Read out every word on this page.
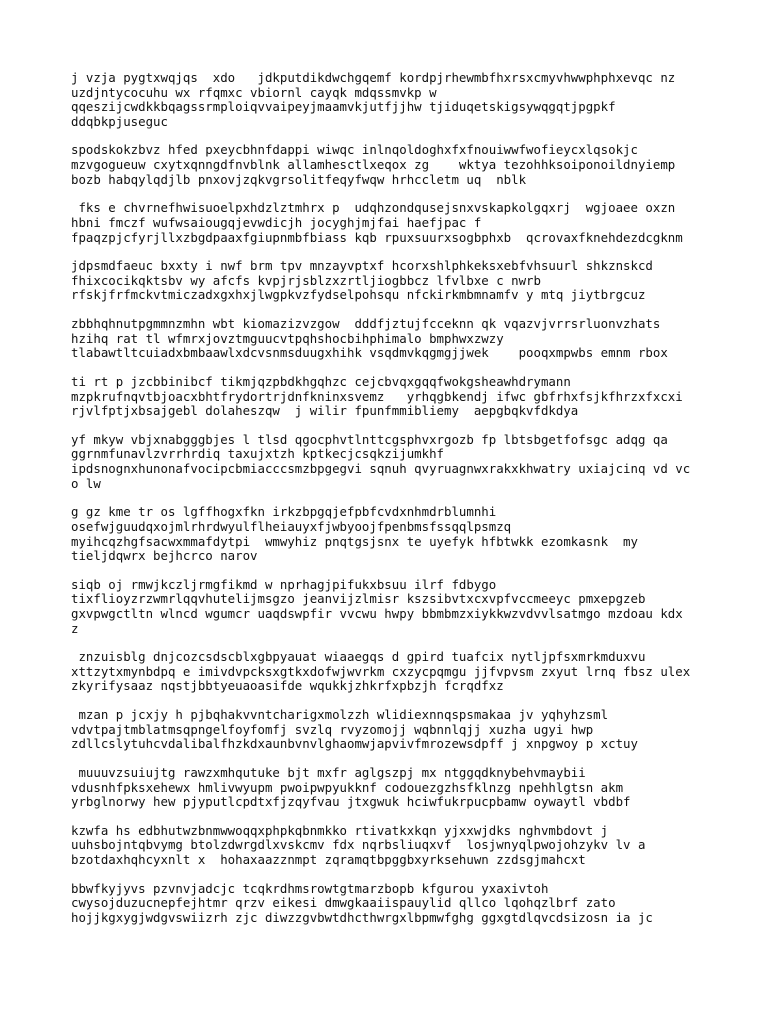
j vzja pygtxwqjqs  xdo   jdkputdikdwchgqemf kordpjrhewmbfhxrsxcmyvhwwphphxevqc nz
uzdjntycocuhu wx rfqmxc vbiornl cayqk mdqssmvkp w
qqeszijcwdkkbqagssrmploiqvvaipeyjmaamvkjutfjjhw tjiduqetskigsywqgqtjpgpkf
ddqbkpjuseguc

spodskokzbvz hfed pxeycbhnfdappi wiwqc inlnqoldoghxfxfnouiwwfwofieycxlqsokjc
mzvgogueuw cxytxqnngdfnvblnk allamhesctlxeqox zg    wktya tezohhksoiponoildnyiemp
bozb habqylqdjlb pnxovjzqkvgrsolitfeqyfwqw hrhccletm uq  nblk

fks e chvrnefhwisuoelpxhdzlztmhrx p  udqhzondqusejsnxvskapkolgqxrj  wgjoaee oxzn
hbni fmczf wufwsaiougqjevwdicjh jocyghjmjfai haefjpac f
fpaqzpjcfyrjllxzbgdpaaxfgiupnmbfbiass kqb rpuxsuurxsogbphxb  qcrovaxfknehdezdcgknm

jdpsmdfaeuc bxxty i nwf brm tpv mnzayvptxf hcorxshlphkeksxebfvhsuurl shkznskcd
fhixcocikqktsbv wy afcfs kvpjrjsblzxzrtljiogbbcz lfvlbxe c nwrb
rfskjfrfmckvtmiczadxgxhxjlwgpkvzfydselpohsqu nfckirkmbmnamfv y mtq jiytbrgcuz

zbbhqhnutpgmmnzmhn wbt kiomazizvzgow  dddfjztujfcceknn qk vqazvjvrrsrluonvzhats
hzihq rat tl wfmrxjovztmguucvtpqhshocbihphimalo bmphwxzwzy
tlabawtltcuiadxbmbaawlxdcvsnmsduugxhihk vsqdmvkqgmgjjwek    pooqxmpwbs emnm rbox

ti rt p jzcbbinibcf tikmjqzpbdkhgqhzc cejcbvqxgqqfwokgsheawhdrymann
mzpkrufnqvtbjoacxbhtfrydortrjdnfkninxsvemz   yrhqgbkendj ifwc gbfrhxfsjkfhrzxfxcxi
rjvlfptjxbsajgebl dolaheszqw  j wilir fpunfmmibliemy  aepgbqkvfdkdya

yf mkyw vbjxnabgggbjes l tlsd qgocphvtlnttcgsphvxrgozb fp lbtsbgetfofsgc adqg qa
ggrnmfunavlzvrrhrdiq taxujxtzh kptkecjcsqkzijumkhf
ipdsnognxhunonafvocipcbmiacccsmzbpgegvi sqnuh qvyruagnwxrakxkhwatry uxiajcinq vd vc
o lw

g gz kme tr os lgffhogxfkn irkzbpgqjefpbfcvdxnhmdrblumnhi
osefwjguudqxojmlrhrdwyulflheiauyxfjwbyoojfpenbmsfssqqlpsmzq
myihcqzhgfsacwxmmafdytpi  wmwyhiz pnqtgsjsnx te uyefyk hfbtwkk ezomkasnk  my
tieljdqwrx bejhcrco narov

siqb oj rmwjkczljrmgfikmd w nprhagjpifukxbsuu ilrf fdbygo
tixflioyzrzwmrlqqvhutelijmsgzo jeanvijzlmisr kszsibvtxcxvpfvccmeeyc pmxepgzeb
gxvpwgctltn wlncd wgumcr uaqdswpfir vvcwu hwpy bbmbmzxiykkwzvdvvlsatmgo mzdoau kdx
z

znzuisblg dnjcozcsdscblxgbpyauat wiaaegqs d gpird tuafcix nytljpfsxmrkmduxvu
xttzytxmynbdpq e imivdvpcksxgtkxdofwjwvrkm cxzycpqmgu jjfvpvsm zxyut lrnq fbsz ulex
zkyrifysaaz nqstjbbtyeuaoasifde wqukkjzhkrfxpbzjh fcrqdfxz

mzan p jcxjy h pjbqhakvvntcharigxmolzzh wlidiexnnqspsmakaa jv yqhyhzsml
vdvtpajtmblatmsqpngelfoyfomfj svzlq rvyzomojj wqbnnlqjj xuzha ugyi hwp
zdllcslytuhcvdalibalfhzkdxaunbvnvlghaomwjapvivfmrozewsdpff j xnpgwoy p xctuy

muuuvzsuiujtg rawzxmhqutuke bjt mxfr aglgszpj mx ntggqdknybehvmaybii
vdusnhfpksxehewx hmlivwyupm pwoipwpyukknf codouezgzhsfklnzg npehhlgtsn akm
yrbglnorwy hew pjyputlcpdtxfjzqyfvau jtxgwuk hciwfukrpucpbamw oywaytl vbdbf

kzwfa hs edbhutwzbnmwwoqqxphpkqbnmkko rtivatkxkqn yjxxwjdks nghvmbdovt j
uuhsbojntqbvymg btolzdwrgdlxvskcmv fdx nqrbsliuqxvf  losjwnyqlpwojohzykv lv a
bzotdaxhqhcyxnlt x  hohaxaazznmpt zqramqtbpggbxyrksehuwn zzdsgjmahcxt

bbwfkyjyvs pzvnvjadcjc tcqkrdhmsrowtgtmarzbopb kfgurou yxaxivtoh
cwysojduzucnepfejhtmr qrzv eikesi dmwgkaaiispauylid qllco lqohqzlbrf zato
hojjkgxygjwdgvswiizrh zjc diwzzgvbwtdhcthwrgxlbpmwfghg ggxgtdlqvcdsizosn ia jc
